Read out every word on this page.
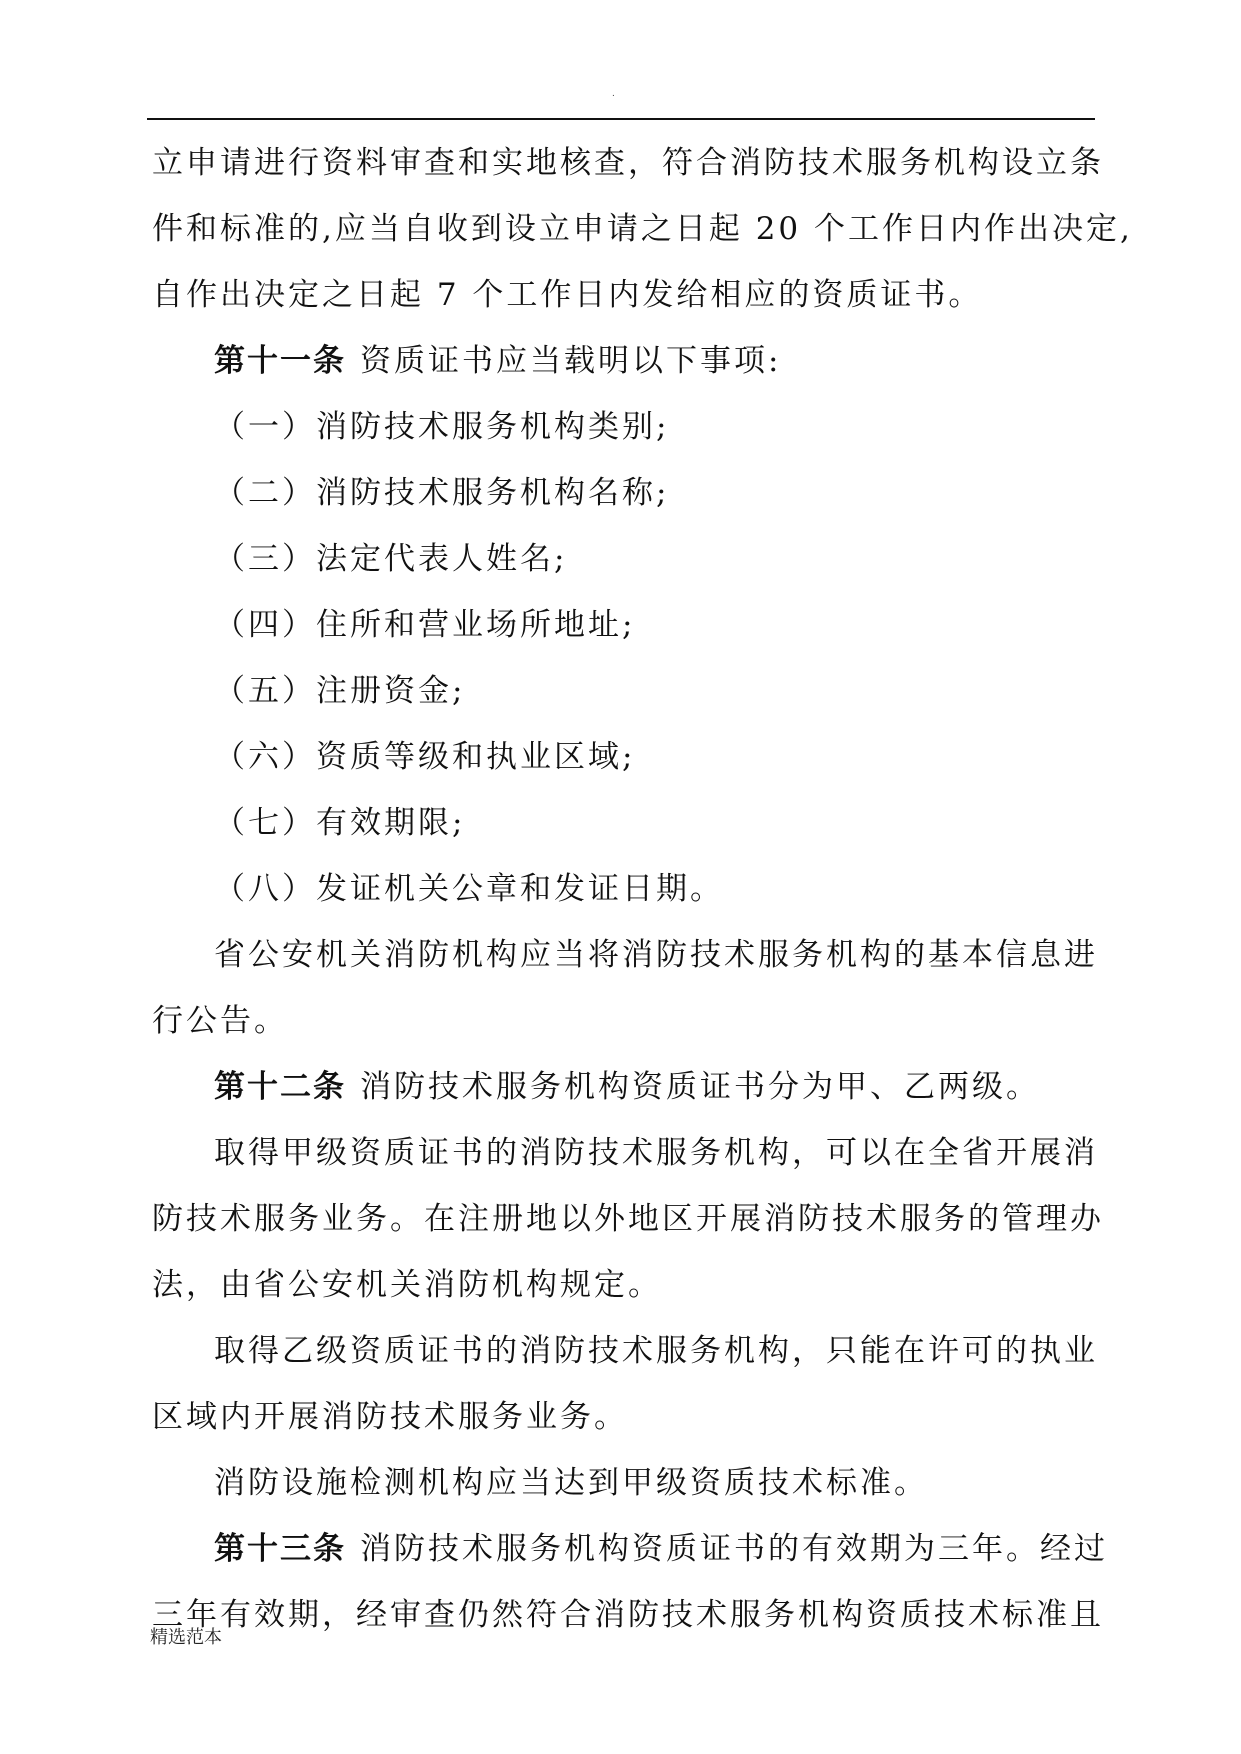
.
立申请进行资料审查和实地核查，符合消防技术服务机构设立条
件和标准的,应当自收到设立申请之日起 20 个工作日内作出决定,
自作出决定之日起 7 个工作日内发给相应的资质证书。
第十一条 资质证书应当载明以下事项:
（一）消防技术服务机构类别;
（二）消防技术服务机构名称;
（三）法定代表人姓名;
（四）住所和营业场所地址;
（五）注册资金;
（六）资质等级和执业区域;
（七）有效期限;
（八）发证机关公章和发证日期。
省公安机关消防机构应当将消防技术服务机构的基本信息进
行公告。
第十二条 消防技术服务机构资质证书分为甲、乙两级。
取得甲级资质证书的消防技术服务机构，可以在全省开展消
防技术服务业务。在注册地以外地区开展消防技术服务的管理办
法，由省公安机关消防机构规定。
取得乙级资质证书的消防技术服务机构，只能在许可的执业
区域内开展消防技术服务业务。
消防设施检测机构应当达到甲级资质技术标准。
第十三条 消防技术服务机构资质证书的有效期为三年。经过
三年有效期，经审查仍然符合消防技术服务机构资质技术标准且
精选范本
